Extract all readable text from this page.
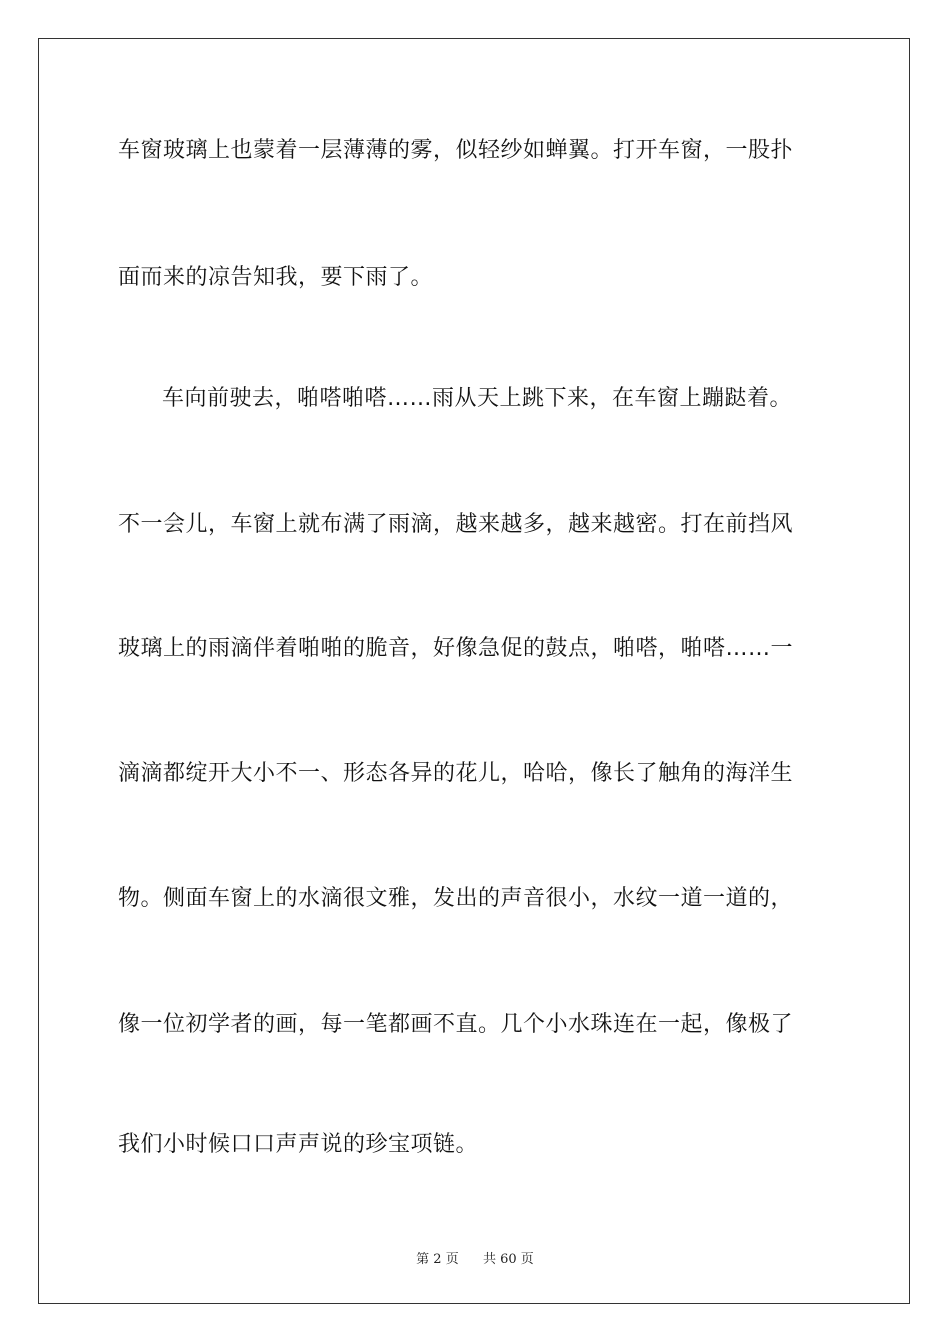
车窗玻璃上也蒙着一层薄薄的雾，似轻纱如蝉翼。打开车窗，一股扑
面而来的凉告知我，要下雨了。
车向前驶去，啪嗒啪嗒……雨从天上跳下来，在车窗上蹦跶着。
不一会儿，车窗上就布满了雨滴，越来越多，越来越密。打在前挡风
玻璃上的雨滴伴着啪啪的脆音，好像急促的鼓点，啪嗒，啪嗒……一
滴滴都绽开大小不一、形态各异的花儿，哈哈，像长了触角的海洋生
物。侧面车窗上的水滴很文雅，发出的声音很小，水纹一道一道的，
像一位初学者的画，每一笔都画不直。几个小水珠连在一起，像极了
我们小时候口口声声说的珍宝项链。
第 2 页 共 60 页
